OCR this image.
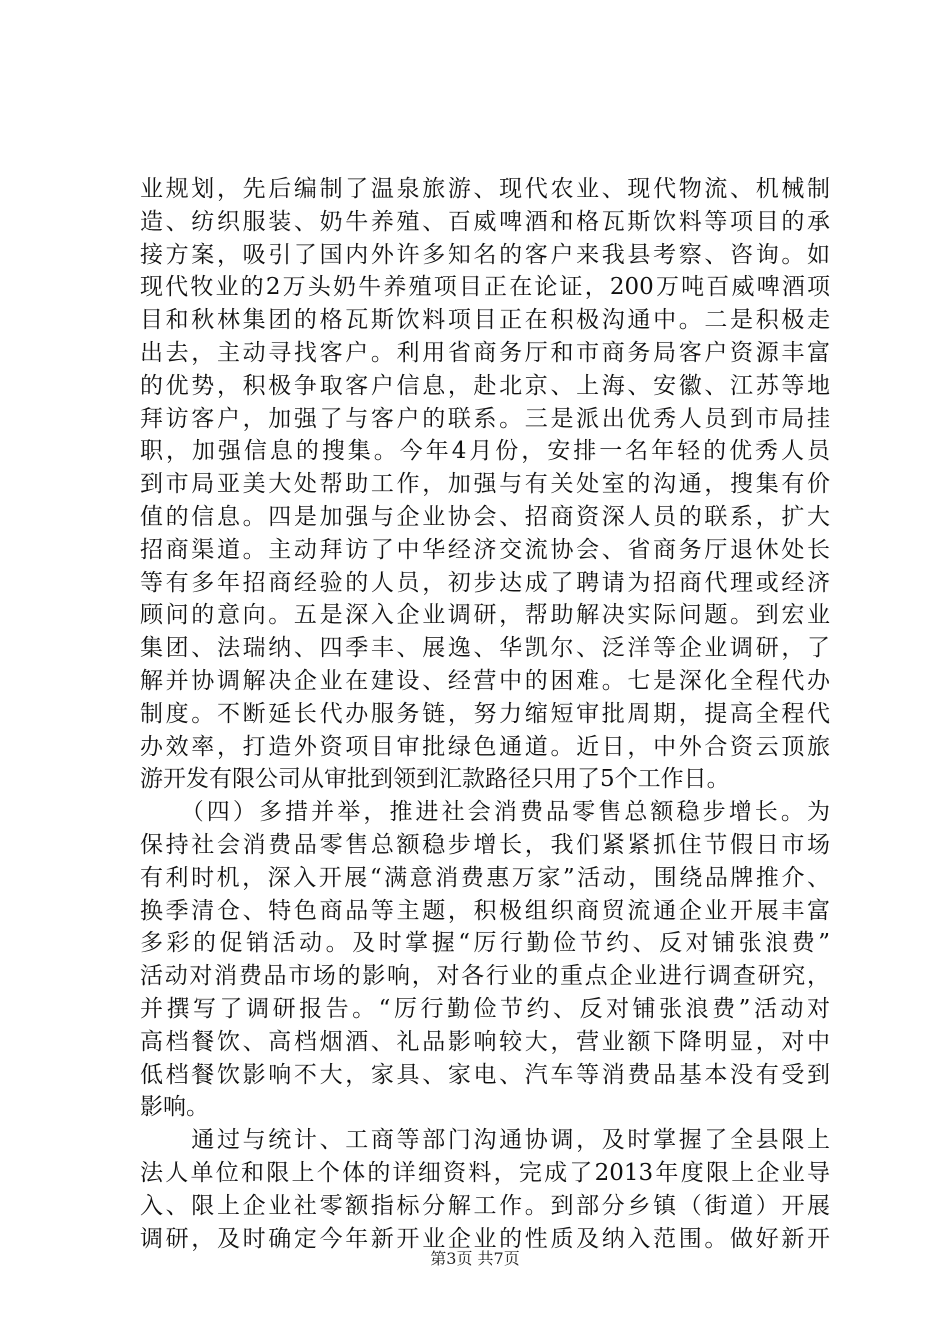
业规划，先后编制了温泉旅游、现代农业、现代物流、机械制
造、纺织服装、奶牛养殖、百威啤酒和格瓦斯饮料等项目的承
接方案，吸引了国内外许多知名的客户来我县考察、咨询。如
现代牧业的2万头奶牛养殖项目正在论证，200万吨百威啤酒项
目和秋林集团的格瓦斯饮料项目正在积极沟通中。二是积极走
出去，主动寻找客户。利用省商务厅和市商务局客户资源丰富
的优势，积极争取客户信息，赴北京、上海、安徽、江苏等地
拜访客户，加强了与客户的联系。三是派出优秀人员到市局挂
职，加强信息的搜集。今年4月份，安排一名年轻的优秀人员
到市局亚美大处帮助工作，加强与有关处室的沟通，搜集有价
值的信息。四是加强与企业协会、招商资深人员的联系，扩大
招商渠道。主动拜访了中华经济交流协会、省商务厅退休处长
等有多年招商经验的人员，初步达成了聘请为招商代理或经济
顾问的意向。五是深入企业调研，帮助解决实际问题。到宏业
集团、法瑞纳、四季丰、展逸、华凯尔、泛洋等企业调研，了
解并协调解决企业在建设、经营中的困难。七是深化全程代办
制度。不断延长代办服务链，努力缩短审批周期，提高全程代
办效率，打造外资项目审批绿色通道。近日，中外合资云顶旅
游开发有限公司从审批到领到汇款路径只用了5个工作日。
　　（四）多措并举，推进社会消费品零售总额稳步增长。为
保持社会消费品零售总额稳步增长，我们紧紧抓住节假日市场
有利时机，深入开展“满意消费惠万家”活动，围绕品牌推介、
换季清仓、特色商品等主题，积极组织商贸流通企业开展丰富
多彩的促销活动。及时掌握“厉行勤俭节约、反对铺张浪费”
活动对消费品市场的影响，对各行业的重点企业进行调查研究，
并撰写了调研报告。“厉行勤俭节约、反对铺张浪费”活动对
高档餐饮、高档烟酒、礼品影响较大，营业额下降明显，对中
低档餐饮影响不大，家具、家电、汽车等消费品基本没有受到
影响。
　　通过与统计、工商等部门沟通协调，及时掌握了全县限上
法人单位和限上个体的详细资料，完成了2013年度限上企业导
入、限上企业社零额指标分解工作。到部分乡镇（街道）开展
调研，及时确定今年新开业企业的性质及纳入范围。做好新开
第3页 共7页
